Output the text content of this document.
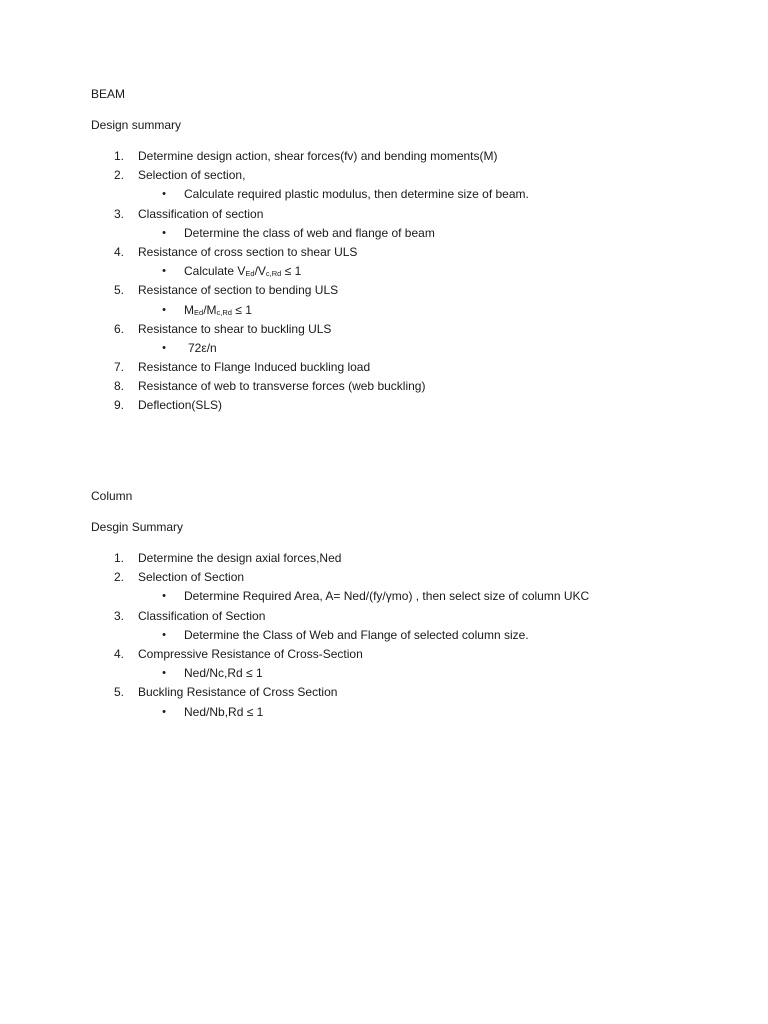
BEAM
Design summary
1.	Determine design action, shear forces(fv) and bending moments(M)
2.	Selection of section,
• Calculate required plastic modulus, then determine size of beam.
3.	Classification of section
• Determine the class of web and flange of beam
4.	Resistance of cross section to shear ULS
• Calculate $V_{Ed}/V_{c,Rd} \le 1$
5.	Resistance of section to bending ULS
• $M_{Ed}/M_{c,Rd} \le 1$
6.	Resistance to shear to buckling ULS
• 72ε/n
7.	Resistance to Flange Induced buckling load
8.	Resistance of web to transverse forces (web buckling)
9.	Deflection(SLS)
Column
Desgin Summary
1.	Determine the design axial forces,Ned
2.	Selection of Section
• Determine Required Area, A= Ned/(fy/γmo) , then select size of column UKC
3.	Classification of Section
• Determine the Class of Web and Flange of selected column size.
4.	Compressive Resistance of Cross-Section
• Ned/Nc,Rd ≤ 1
5.	Buckling Resistance of Cross Section
• Ned/Nb,Rd ≤ 1
